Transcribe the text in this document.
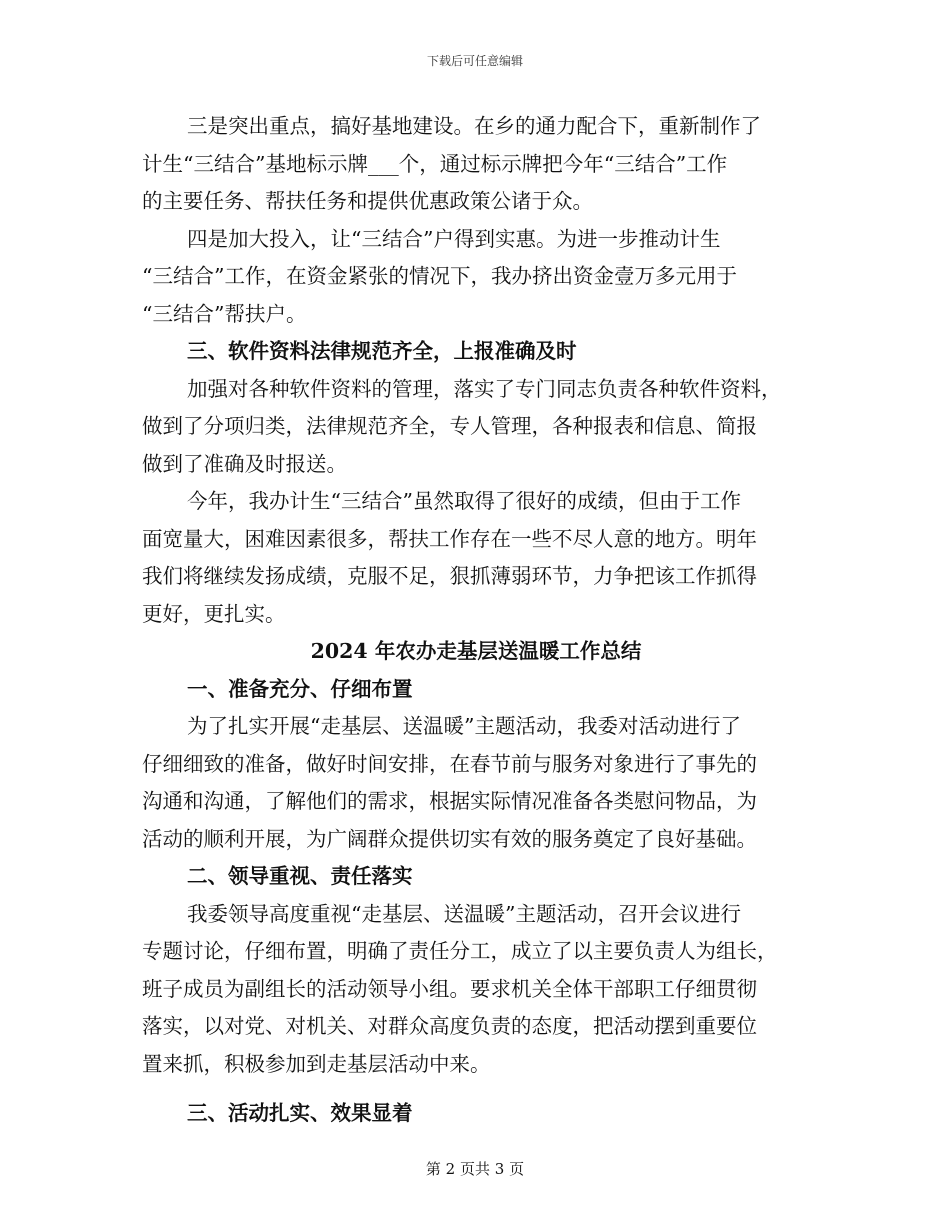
下载后可任意编辑
三是突出重点，搞好基地建设。在乡的通力配合下，重新制作了
计生“三结合”基地标示牌___个，通过标示牌把今年“三结合”工作
的主要任务、帮扶任务和提供优惠政策公诸于众。
四是加大投入，让“三结合”户得到实惠。为进一步推动计生
“三结合”工作，在资金紧张的情况下，我办挤出资金壹万多元用于
“三结合”帮扶户。
三、软件资料法律规范齐全，上报准确及时
加强对各种软件资料的管理，落实了专门同志负责各种软件资料，
做到了分项归类，法律规范齐全，专人管理，各种报表和信息、简报
做到了准确及时报送。
今年，我办计生“三结合”虽然取得了很好的成绩，但由于工作
面宽量大，困难因素很多，帮扶工作存在一些不尽人意的地方。明年
我们将继续发扬成绩，克服不足，狠抓薄弱环节，力争把该工作抓得
更好，更扎实。
2024 年农办走基层送温暖工作总结
一、准备充分、仔细布置
为了扎实开展“走基层、送温暖”主题活动，我委对活动进行了
仔细细致的准备，做好时间安排，在春节前与服务对象进行了事先的
沟通和沟通，了解他们的需求，根据实际情况准备各类慰问物品，为
活动的顺利开展，为广阔群众提供切实有效的服务奠定了良好基础。
二、领导重视、责任落实
我委领导高度重视“走基层、送温暖”主题活动，召开会议进行
专题讨论，仔细布置，明确了责任分工，成立了以主要负责人为组长，
班子成员为副组长的活动领导小组。要求机关全体干部职工仔细贯彻
落实，以对党、对机关、对群众高度负责的态度，把活动摆到重要位
置来抓，积极参加到走基层活动中来。
三、活动扎实、效果显着
第 2 页共 3 页
